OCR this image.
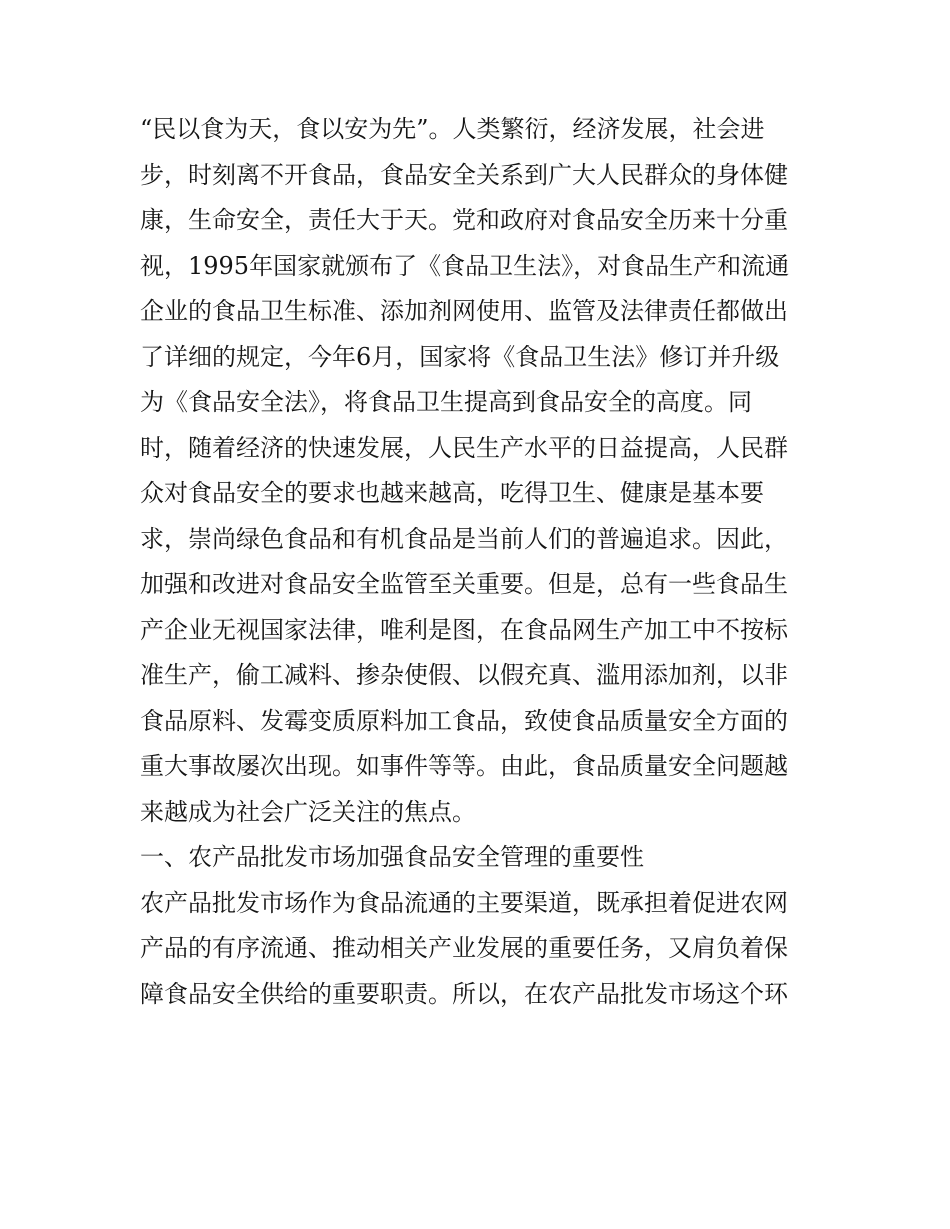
“民以食为天，食以安为先”。人类繁衍，经济发展，社会进
步，时刻离不开食品，食品安全关系到广大人民群众的身体健
康，生命安全，责任大于天。党和政府对食品安全历来十分重
视，1995年国家就颁布了《食品卫生法》，对食品生产和流通
企业的食品卫生标准、添加剂网使用、监管及法律责任都做出
了详细的规定，今年6月，国家将《食品卫生法》修订并升级
为《食品安全法》，将食品卫生提高到食品安全的高度。同
时，随着经济的快速发展，人民生产水平的日益提高，人民群
众对食品安全的要求也越来越高，吃得卫生、健康是基本要
求，崇尚绿色食品和有机食品是当前人们的普遍追求。因此，
加强和改进对食品安全监管至关重要。但是，总有一些食品生
产企业无视国家法律，唯利是图，在食品网生产加工中不按标
准生产，偷工减料、掺杂使假、以假充真、滥用添加剂，以非
食品原料、发霉变质原料加工食品，致使食品质量安全方面的
重大事故屡次出现。如事件等等。由此，食品质量安全问题越
来越成为社会广泛关注的焦点。
一、农产品批发市场加强食品安全管理的重要性
农产品批发市场作为食品流通的主要渠道，既承担着促进农网
产品的有序流通、推动相关产业发展的重要任务，又肩负着保
障食品安全供给的重要职责。所以，在农产品批发市场这个环
